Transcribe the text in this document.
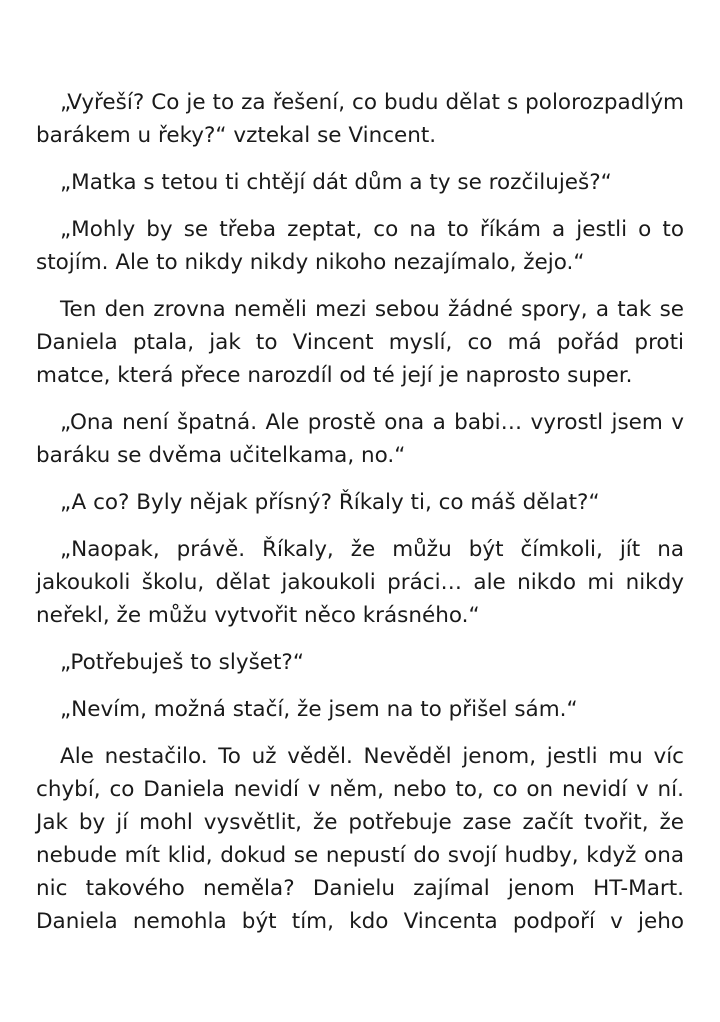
„Vyřeší? Co je to za řešení, co budu dělat s polorozpadlým barákem u řeky?“ vztekal se Vincent.

„Matka s tetou ti chtějí dát dům a ty se rozčiluješ?“

„Mohly by se třeba zeptat, co na to říkám a jestli o to stojím. Ale to nikdy nikdy nikoho nezajímalo, žejo.“

Ten den zrovna neměli mezi sebou žádné spory, a tak se Daniela ptala, jak to Vincent myslí, co má pořád proti matce, která přece narozdíl od té její je naprosto super.

„Ona není špatná. Ale prostě ona a babi… vyrostl jsem v baráku se dvěma učitelkama, no.“

„A co? Byly nějak přísný? Říkaly ti, co máš dělat?“

„Naopak, právě. Říkaly, že můžu být čímkoli, jít na jakoukoli školu, dělat jakoukoli práci… ale nikdo mi nikdy neřekl, že můžu vytvořit něco krásného.“

„Potřebuješ to slyšet?“

„Nevím, možná stačí, že jsem na to přišel sám.“

Ale nestačilo. To už věděl. Nevěděl jenom, jestli mu víc chybí, co Daniela nevidí v něm, nebo to, co on nevidí v ní. Jak by jí mohl vysvětlit, že potřebuje zase začít tvořit, že nebude mít klid, dokud se nepustí do svojí hudby, když ona nic takového neměla? Danielu zajímal jenom HT-Mart. Daniela nemohla být tím, kdo Vincenta podpoří v jeho
